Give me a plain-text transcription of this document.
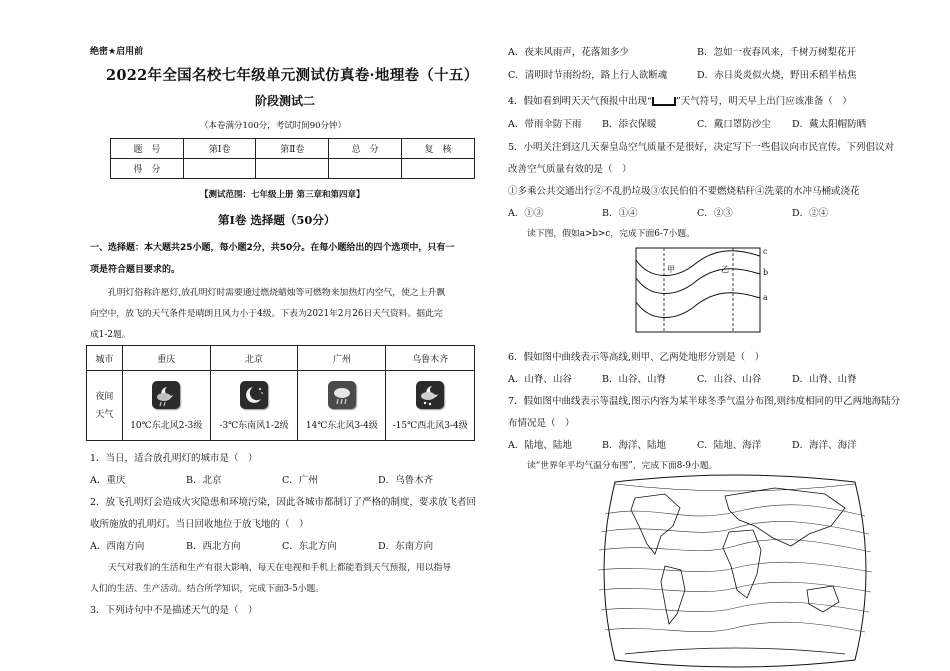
绝密★启用前
2022年全国名校七年级单元测试仿真卷·地理卷（十五）
阶段测试二
（本卷满分100分，考试时间90分钟）
题　号	第Ⅰ卷	第Ⅱ卷	总　分	复　核
得　分				
【测试范围：七年级上册 第三章和第四章】
第Ⅰ卷 选择题（50分）
一、选择题：本大题共25小题，每小题2分，共50分。在每小题给出的四个选项中，只有一
项是符合题目要求的。
孔明灯俗称许愿灯,放孔明灯时需要通过燃烧蜡烛等可燃物来加热灯内空气，使之上升飘
向空中，放飞的天气条件是晴朗且风力小于4级。下表为2021年2月26日天气资料。据此完
成1-2题。
城市	重庆	北京	广州	乌鲁木齐

夜间
天气	10℃东北风2-3级	-3℃东南风1-2级	14℃东北风3-4级	-15℃西北风3-4级
1．当日，适合放孔明灯的城市是（　）
A．重庆	B．北京	C．广州	D．乌鲁木齐
2．放飞孔明灯会造成火灾隐患和环境污染，因此各城市都制订了严格的制度，要求放飞者回
收所施放的孔明灯。当日回收地位于放飞地的（　）
A．西南方向	B．西北方向	C．东北方向	D．东南方向
天气对我们的生活和生产有很大影响，每天在电视和手机上都能看到天气预报，用以指导
人们的生活、生产活动。结合所学知识，完成下面3-5小题。
3．下列诗句中不是描述天气的是（　）
A．夜来风雨声，花落知多少	B．忽如一夜春风来，千树万树梨花开
C．清明时节雨纷纷，路上行人欲断魂	D．赤日炎炎似火烧，野田禾稻半枯焦
4．假如看到明天天气预报中出现“	”天气符号，明天早上出门应该准备（　）
A．带雨伞防下雨 B．添衣保暖	C．戴口罩防沙尘 D．戴太阳帽防晒
5．小明关注到这几天秦皇岛空气质量不是很好，决定写下一些倡议向市民宣传。下列倡议对
改善空气质量有效的是（　）
①多乘公共交通出行②不乱扔垃圾③农民伯伯不要燃烧秸秆④洗菜的水冲马桶或浇花
A．①③	B．①④	C．②③	D．②④
读下图，假如a>b>c，完成下面6-7小题。
甲	乙
c
b
a
6．假如图中曲线表示等高线,则甲、乙两处地形分别是（　）
A．山脊、山谷	B．山谷、山脊	C．山谷、山谷	D．山脊、山脊
7．假如图中曲线表示等温线,图示内容为某半球冬季气温分布图,则纬度相同的甲乙两地海陆分
布情况是（　）
A．陆地、陆地	B．海洋、陆地	C．陆地、海洋	D．海洋、海洋
读“世界年平均气温分布图”，完成下面8-9小题。
